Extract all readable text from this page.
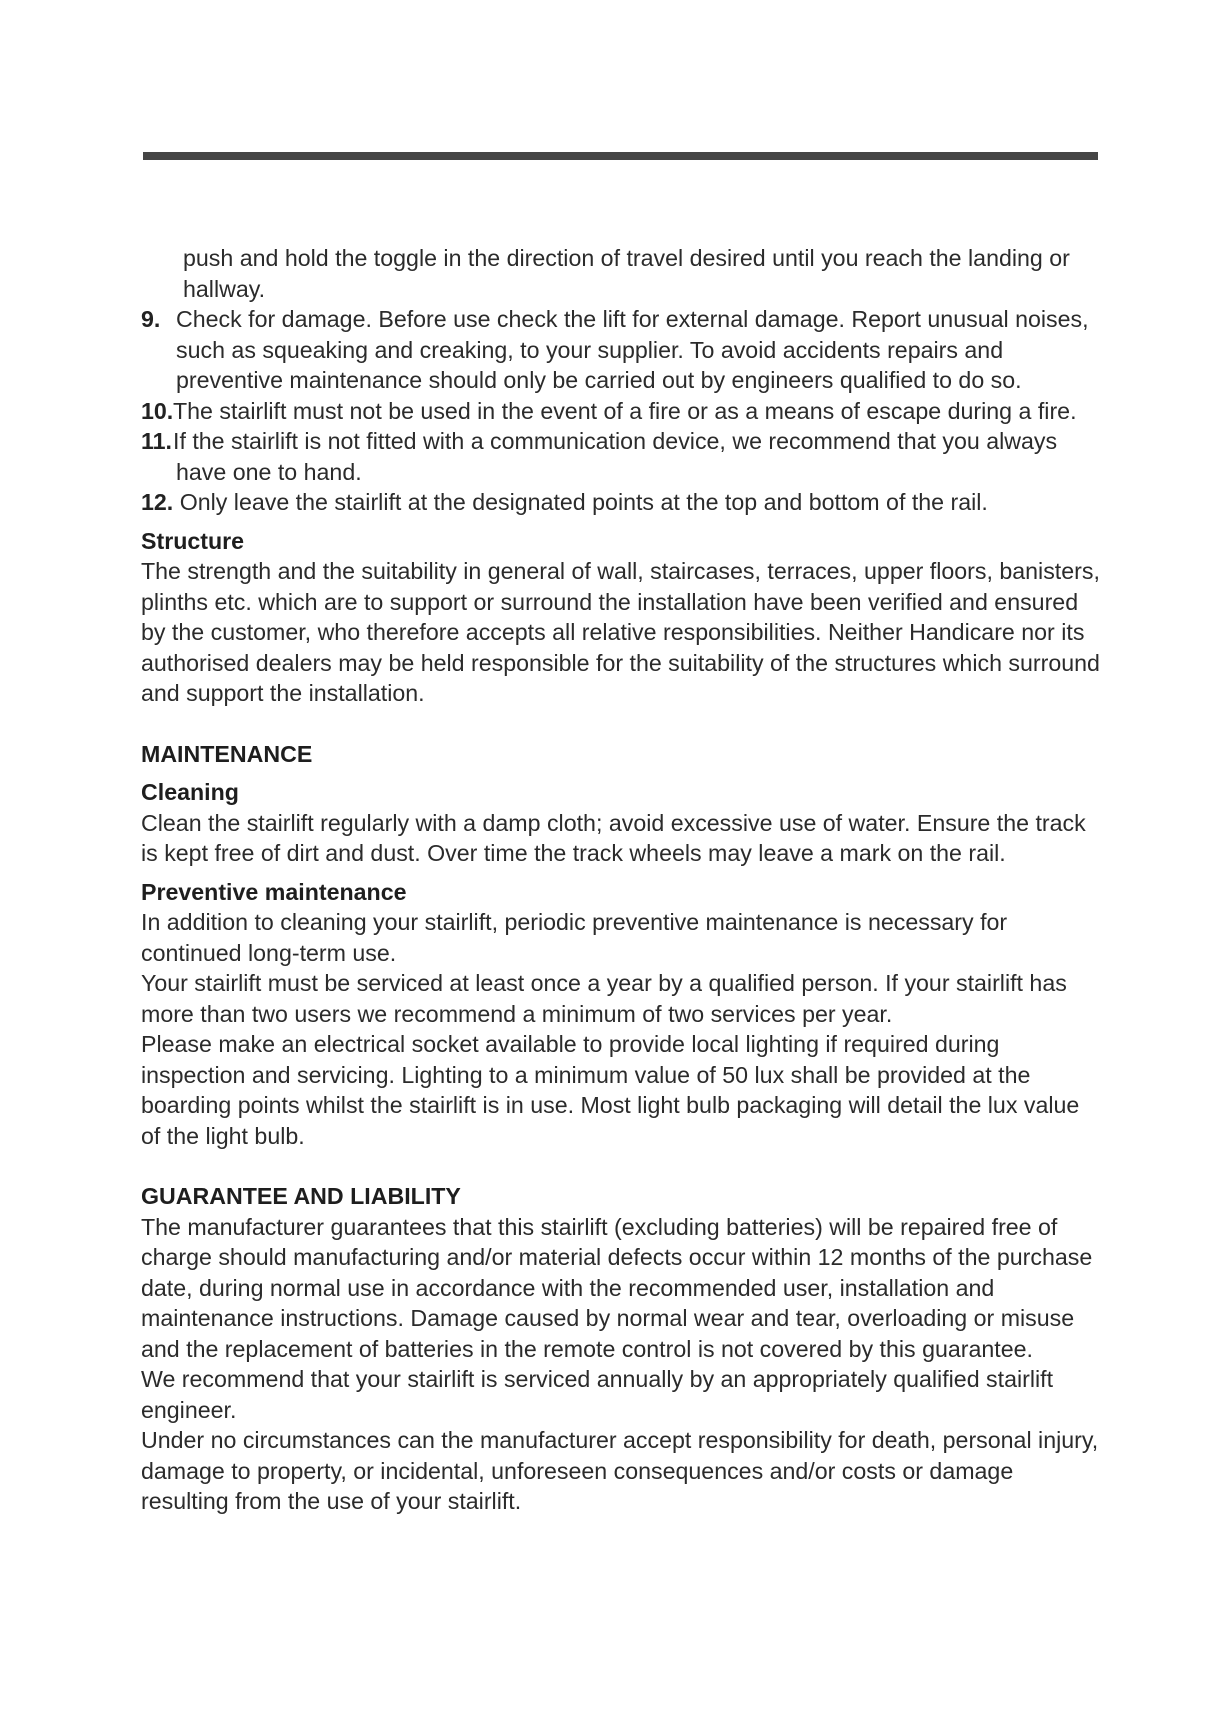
push and hold the toggle in the direction of travel desired until you reach the landing or hallway.

9. Check for damage. Before use check the lift for external damage. Report unusual noises, such as squeaking and creaking, to your supplier. To avoid accidents repairs and preventive maintenance should only be carried out by engineers qualified to do so.
10. The stairlift must not be used in the event of a fire or as a means of escape during a fire.
11. If the stairlift is not fitted with a communication device, we recommend that you always have one to hand.

12. Only leave the stairlift at the designated points at the top and bottom of the rail.

Structure

The strength and the suitability in general of wall, staircases, terraces, upper floors, banisters, plinths etc. which are to support or surround the installation have been verified and ensured by the customer, who therefore accepts all relative responsibilities. Neither Handicare nor its authorised dealers may be held responsible for the suitability of the structures which surround and support the installation.

MAINTENANCE

Cleaning

Clean the stairlift regularly with a damp cloth; avoid excessive use of water. Ensure the track is kept free of dirt and dust. Over time the track wheels may leave a mark on the rail.

Preventive maintenance

In addition to cleaning your stairlift, periodic preventive maintenance is necessary for continued long-term use.

Your stairlift must be serviced at least once a year by a qualified person. If your stairlift has more than two users we recommend a minimum of two services per year.

Please make an electrical socket available to provide local lighting if required during inspection and servicing. Lighting to a minimum value of 50 lux shall be provided at the boarding points whilst the stairlift is in use. Most light bulb packaging will detail the lux value of the light bulb.

GUARANTEE AND LIABILITY

The manufacturer guarantees that this stairlift (excluding batteries) will be repaired free of charge should manufacturing and/or material defects occur within 12 months of the purchase date, during normal use in accordance with the recommended user, installation and maintenance instructions. Damage caused by normal wear and tear, overloading or misuse and the replacement of batteries in the remote control is not covered by this guarantee.

We recommend that your stairlift is serviced annually by an appropriately qualified stairlift engineer.

Under no circumstances can the manufacturer accept responsibility for death, personal injury, damage to property, or incidental, unforeseen consequences and/or costs or damage resulting from the use of your stairlift.
